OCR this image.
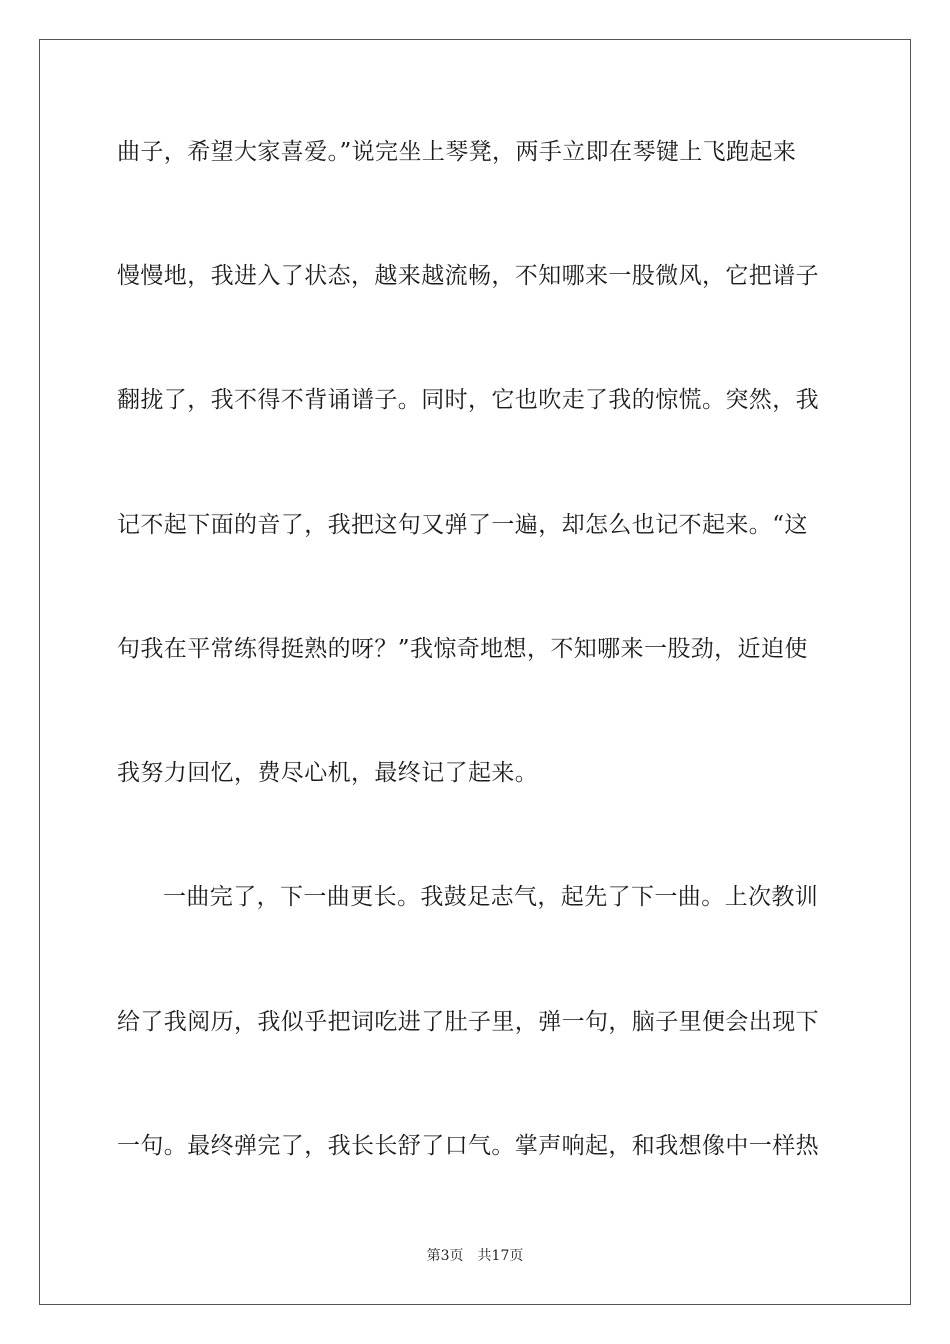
曲子，希望大家喜爱。”说完坐上琴凳，两手立即在琴键上飞跑起来
慢慢地，我进入了状态，越来越流畅，不知哪来一股微风，它把谱子
翻拢了，我不得不背诵谱子。同时，它也吹走了我的惊慌。突然，我
记不起下面的音了，我把这句又弹了一遍，却怎么也记不起来。“这
句我在平常练得挺熟的呀？”我惊奇地想，不知哪来一股劲，近迫使
我努力回忆，费尽心机，最终记了起来。
一曲完了，下一曲更长。我鼓足志气，起先了下一曲。上次教训
给了我阅历，我似乎把词吃进了肚子里，弹一句，脑子里便会出现下
一句。最终弹完了，我长长舒了口气。掌声响起，和我想像中一样热
第3页 共17页
